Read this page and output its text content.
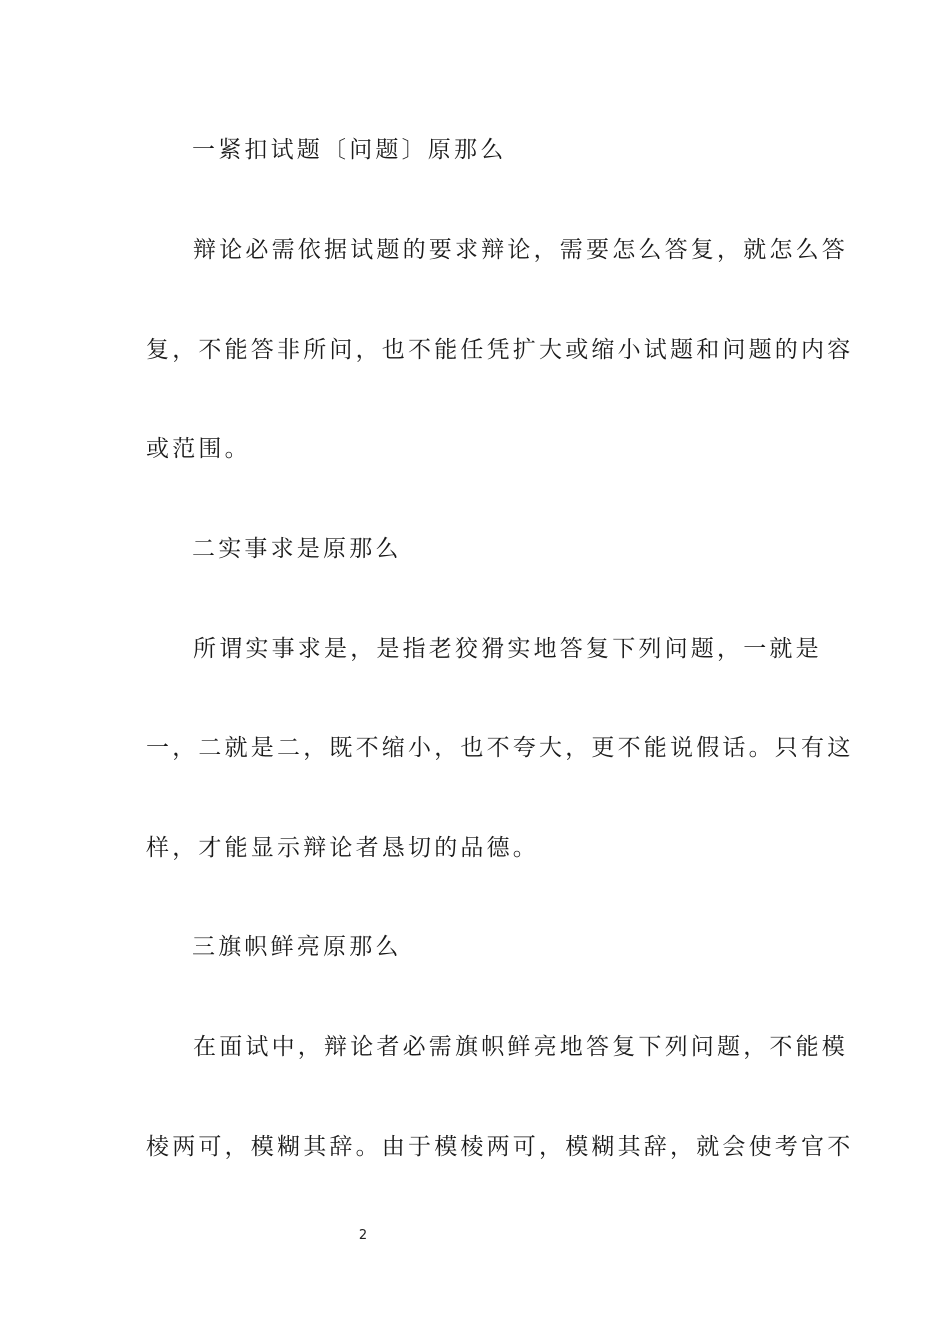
一紧扣试题〔问题〕原那么
辩论必需依据试题的要求辩论，需要怎么答复，就怎么答
复，不能答非所问，也不能任凭扩大或缩小试题和问题的内容
或范围。
二实事求是原那么
所谓实事求是，是指老狡猾实地答复下列问题，一就是
一，二就是二，既不缩小，也不夸大，更不能说假话。只有这
样，才能显示辩论者恳切的品德。
三旗帜鲜亮原那么
在面试中，辩论者必需旗帜鲜亮地答复下列问题，不能模
棱两可，模糊其辞。由于模棱两可，模糊其辞，就会使考官不
2
